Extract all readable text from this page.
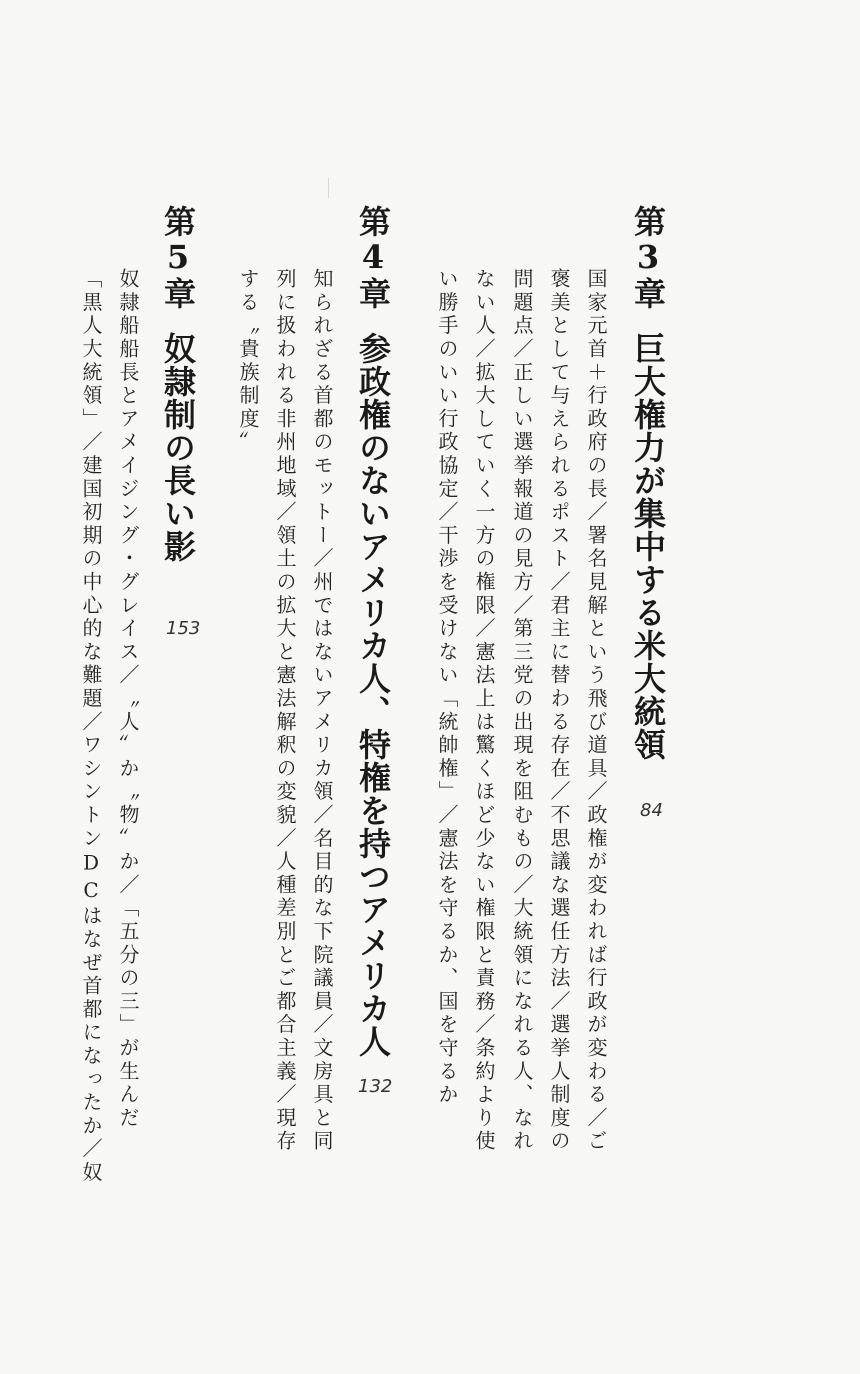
第3章巨大権力が集中する米大統領
84
国家元首＋行政府の長／署名見解という飛び道具／政権が変われば行政が変わる／ご
褒美として与えられるポスト／君主に替わる存在／不思議な選任方法／選挙人制度の
問題点／正しい選挙報道の見方／第三党の出現を阻むもの／大統領になれる人、なれ
ない人／拡大していく一方の権限／憲法上は驚くほど少ない権限と責務／条約より使
い勝手のいい行政協定／干渉を受けない「統帥権」／憲法を守るか、国を守るか
第4章参政権のないアメリカ人、特権を持つアメリカ人
132
知られざる首都のモットー／州ではないアメリカ領／名目的な下院議員／文房具と同
列に扱われる非州地域／領土の拡大と憲法解釈の変貌／人種差別とご都合主義／現存
する〝貴族制度〟
第5章奴隷制の長い影
153
奴隷船船長とアメイジング・グレイス／〝人〟か〝物〟か／「五分の三」が生んだ
「黒人大統領」／建国初期の中心的な難題／ワシントンDCはなぜ首都になったか／奴
